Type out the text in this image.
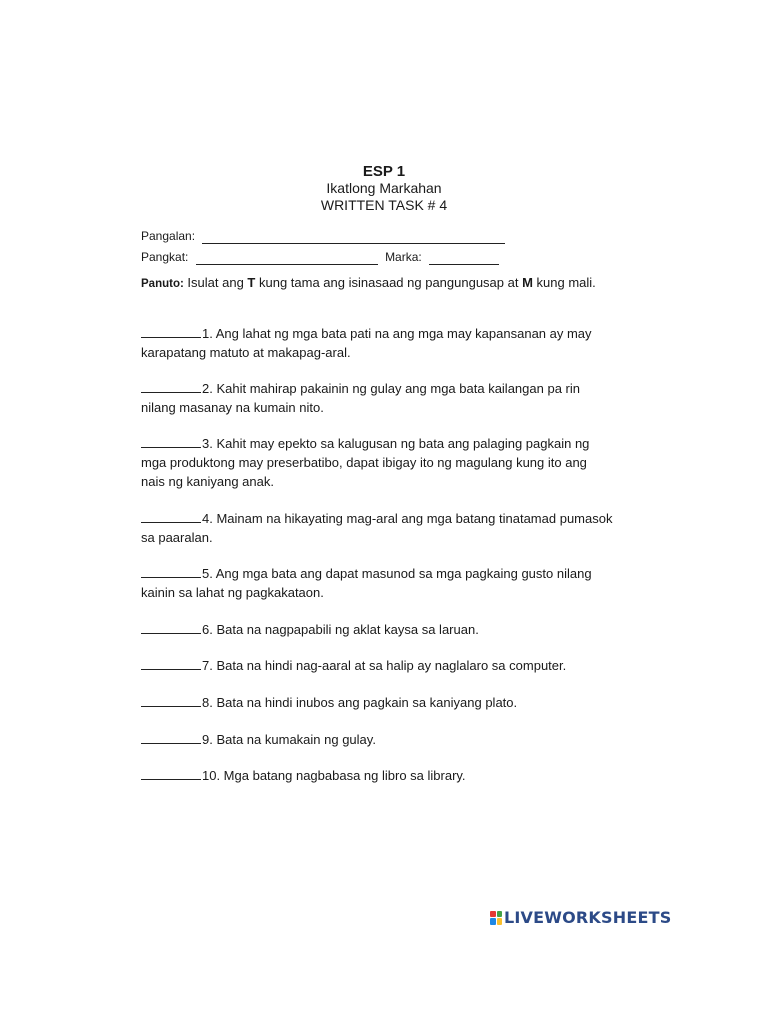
ESP 1
Ikatlong Markahan
WRITTEN TASK # 4
Pangalan:
Pangkat:	Marka:
Panuto: Isulat ang T kung tama ang isinasaad ng pangungusap at M kung mali.
1. Ang lahat ng mga bata pati na ang mga may kapansanan ay may karapatang matuto at makapag-aral.
2. Kahit mahirap pakainin ng gulay ang mga bata kailangan pa rin nilang masanay na kumain nito.
3. Kahit may epekto sa kalugusan ng bata ang palaging pagkain ng mga produktong may preserbatibo, dapat ibigay ito ng magulang kung ito ang nais ng kaniyang anak.
4. Mainam na hikayating mag-aral ang mga batang tinatamad pumasok sa paaralan.
5. Ang mga bata ang dapat masunod sa mga pagkaing gusto nilang kainin sa lahat ng pagkakataon.
6. Bata na nagpapabili ng aklat kaysa sa laruan.
7. Bata na hindi nag-aaral at sa halip ay naglalaro sa computer.
8. Bata na hindi inubos ang pagkain sa kaniyang plato.
9. Bata na kumakain ng gulay.
10. Mga batang nagbabasa ng libro sa library.
LIVEWORKSHEETS
